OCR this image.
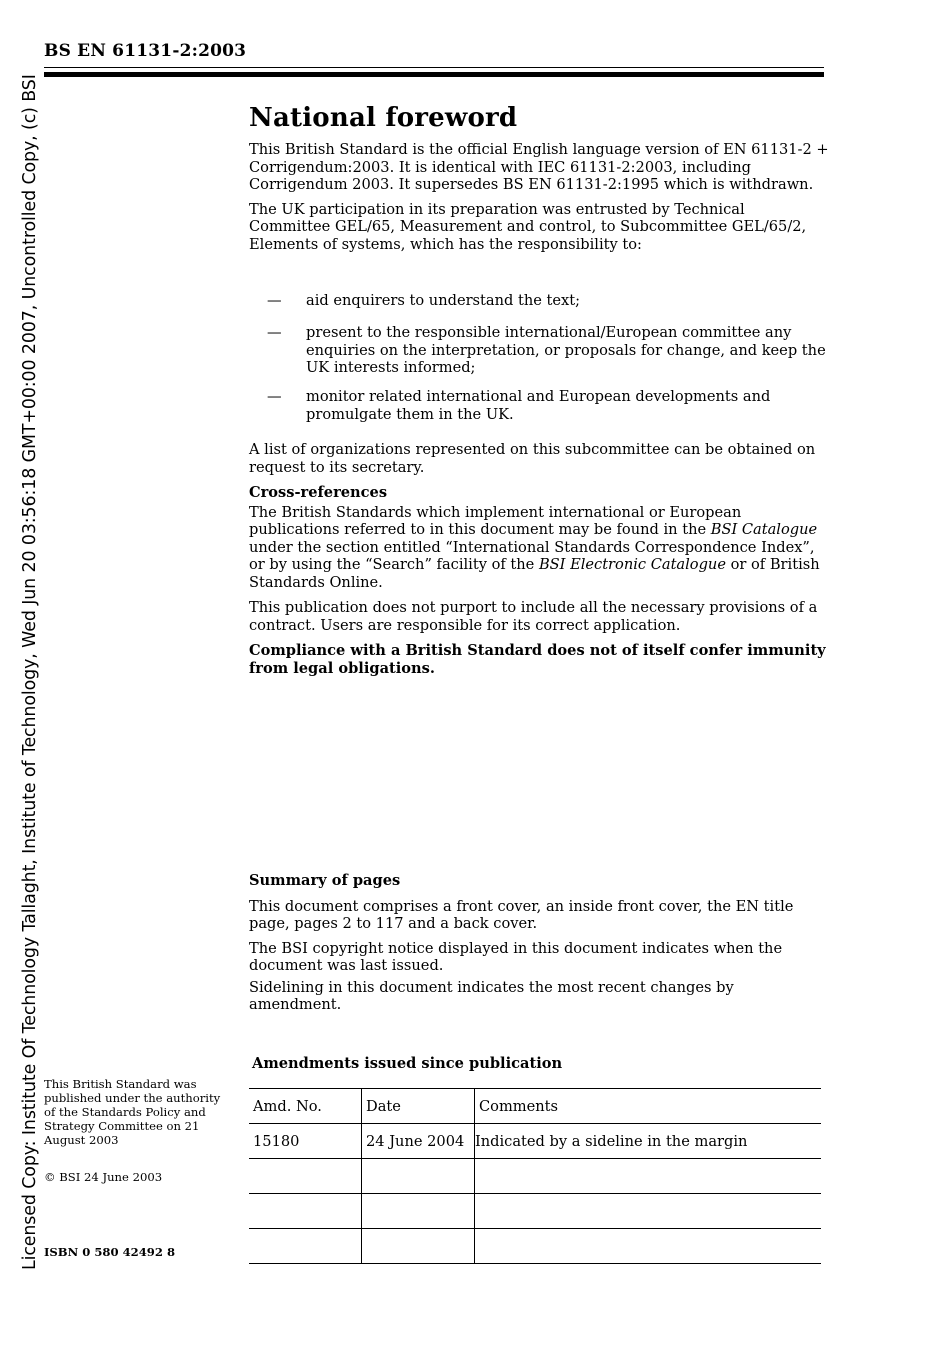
BS EN 61131-2:2003
Licensed Copy: Institute Of Technology Tallaght, Institute of Technology, Wed Jun 20 03:56:18 GMT+00:00 2007, Uncontrolled Copy, (c) BSI	National foreword

This British Standard is the official English language version of EN 61131-2 + Corrigendum:2003. It is identical with IEC 61131-2:2003, including Corrigendum 2003. It supersedes BS EN 61131-2:1995 which is withdrawn.

The UK participation in its preparation was entrusted by Technical Committee GEL/65, Measurement and control, to Subcommittee GEL/65/2, Elements of systems, which has the responsibility to:

— aid enquirers to understand the text;
— present to the responsible international/European committee any enquiries on the interpretation, or proposals for change, and keep the UK interests informed;
— monitor related international and European developments and promulgate them in the UK.

A list of organizations represented on this subcommittee can be obtained on request to its secretary.

Cross-references

The British Standards which implement international or European publications referred to in this document may be found in the BSI Catalogue under the section entitled “International Standards Correspondence Index”, or by using the “Search” facility of the BSI Electronic Catalogue or of British Standards Online.

This publication does not purport to include all the necessary provisions of a contract. Users are responsible for its correct application.

Compliance with a British Standard does not of itself confer immunity from legal obligations.

Summary of pages

This document comprises a front cover, an inside front cover, the EN title page, pages 2 to 117 and a back cover.

The BSI copyright notice displayed in this document indicates when the document was last issued.

Sidelining in this document indicates the most recent changes by amendment.

This British Standard was published under the authority of the Standards Policy and Strategy Committee on 21 August 2003
© BSI 24 June 2003
ISBN 0 580 42492 8
Amendments issued since publication
Amd. No.	Date	Comments
15180	24 June 2004	Indicated by a sideline in the margin
